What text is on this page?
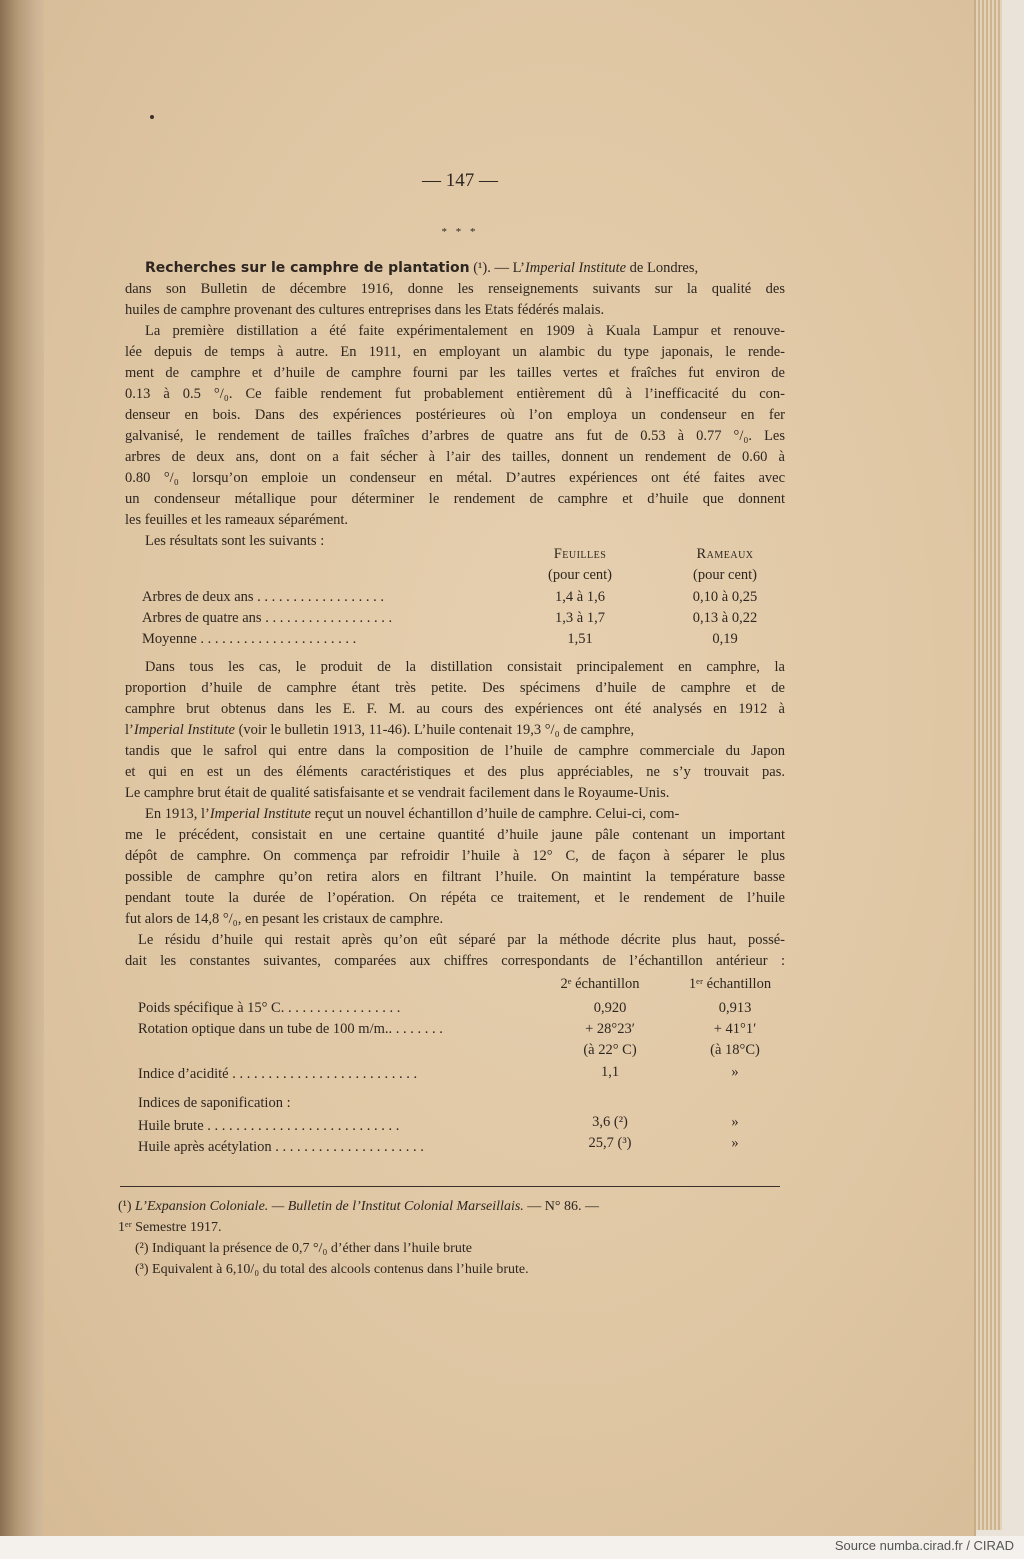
— 147 —
* * *
Recherches sur le camphre de plantation (¹). — L’Imperial Institute de Londres,
dans son Bulletin de décembre 1916, donne les renseignements suivants sur la qualité des
huiles de camphre provenant des cultures entreprises dans les Etats fédérés malais.
La première distillation a été faite expérimentalement en 1909 à Kuala Lampur et renouve-
lée depuis de temps à autre. En 1911, en employant un alambic du type japonais, le rende-
ment de camphre et d’huile de camphre fourni par les tailles vertes et fraîches fut environ de
0.13 à 0.5 °/₀. Ce faible rendement fut probablement entièrement dû à l’inefficacité du con-
denseur en bois. Dans des expériences postérieures où l’on employa un condenseur en fer
galvanisé, le rendement de tailles fraîches d’arbres de quatre ans fut de 0.53 à 0.77 °/₀. Les
arbres de deux ans, dont on a fait sécher à l’air des tailles, donnent un rendement de 0.60 à
0.80 °/₀ lorsqu’on emploie un condenseur en métal. D’autres expériences ont été faites avec
un condenseur métallique pour déterminer le rendement de camphre et d’huile que donnent
les feuilles et les rameaux séparément.
Les résultats sont les suivants :
Feuilles	Rameaux
(pour cent)	(pour cent)
Arbres de deux ans . . . . . . . . . . . . . . . . . .	1,4 à 1,6	0,10 à 0,25
Arbres de quatre ans . . . . . . . . . . . . . . . . . .	1,3 à 1,7	0,13 à 0,22
Moyenne . . . . . . . . . . . . . . . . . . . . . .	1,51	0,19
Dans tous les cas, le produit de la distillation consistait principalement en camphre, la
proportion d’huile de camphre étant très petite. Des spécimens d’huile de camphre et de
camphre brut obtenus dans les E. F. M. au cours des expériences ont été analysés en 1912 à
l’Imperial Institute (voir le bulletin 1913, 11-46). L’huile contenait 19,3 °/₀ de camphre,
tandis que le safrol qui entre dans la composition de l’huile de camphre commerciale du Japon
et qui en est un des éléments caractéristiques et des plus appréciables, ne s’y trouvait pas.
Le camphre brut était de qualité satisfaisante et se vendrait facilement dans le Royaume-Unis.
En 1913, l’Imperial Institute reçut un nouvel échantillon d’huile de camphre. Celui-ci, com-
me le précédent, consistait en une certaine quantité d’huile jaune pâle contenant un important
dépôt de camphre. On commença par refroidir l’huile à 12° C, de façon à séparer le plus
possible de camphre qu’on retira alors en filtrant l’huile. On maintint la température basse
pendant toute la durée de l’opération. On répéta ce traitement, et le rendement de l’huile
fut alors de 14,8 °/₀, en pesant les cristaux de camphre.
Le résidu d’huile qui restait après qu’on eût séparé par la méthode décrite plus haut, possé-
dait les constantes suivantes, comparées aux chiffres correspondants de l’échantillon antérieur :
2ᵉ échantillon	1ᵉʳ échantillon
Poids spécifique à 15° C. . . . . . . . . . . . . . . . .	0,920	0,913
Rotation optique dans un tube de 100 m/m.. . . . . . . .	+ 28°23′	+ 41°1′
(à 22° C)	(à 18°C)
Indice d’acidité . . . . . . . . . . . . . . . . . . . . . . . . . .	1,1	»
Indices de saponification :
Huile brute . . . . . . . . . . . . . . . . . . . . . . . . . . .	3,6 (²)	»
Huile après acétylation . . . . . . . . . . . . . . . . . . . . .	25,7 (³)	»
(¹) L’Expansion Coloniale. — Bulletin de l’Institut Colonial Marseillais. — N° 86. —
1ᵉʳ Semestre 1917.
(²) Indiquant la présence de 0,7 °/₀ d’éther dans l’huile brute
(³) Equivalent à 6,10/₀ du total des alcools contenus dans l’huile brute.
Source numba.cirad.fr / CIRAD
